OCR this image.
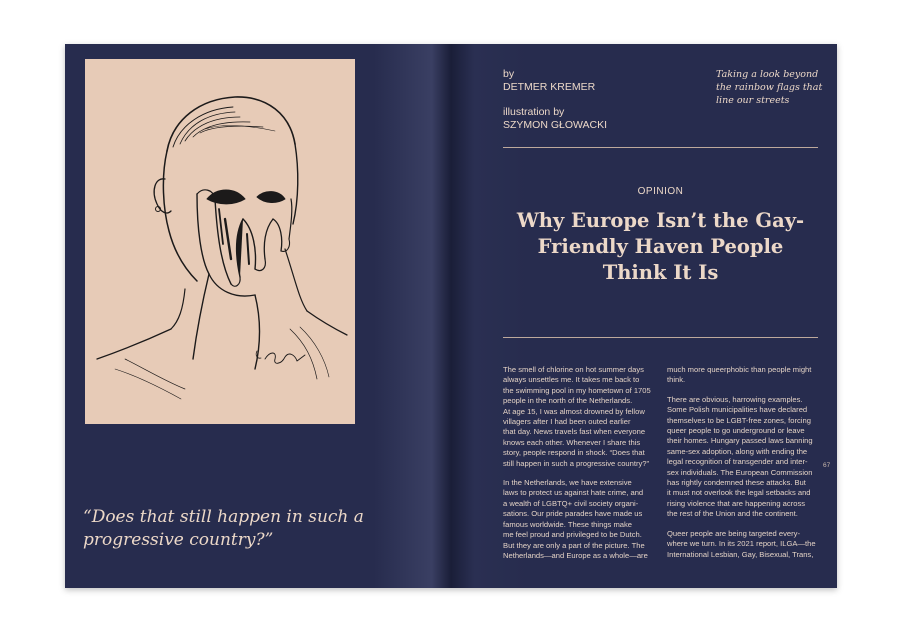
“Does that still happen in such a progressive country?”
by
DETMER KREMER
illustration by
SZYMON GŁOWACKI
Taking a look beyond the rainbow flags that line our streets
OPINION
Why Europe Isn’t the Gay-Friendly Haven People Think It Is

The smell of chlorine on hot summer days
always unsettles me. It takes me back to
the swimming pool in my hometown of 1705
people in the north of the Netherlands.
At age 15, I was almost drowned by fellow
villagers after I had been outed earlier
that day. News travels fast when everyone
knows each other. Whenever I share this
story, people respond in shock. “Does that
still happen in such a progressive country?”

In the Netherlands, we have extensive
laws to protect us against hate crime, and
a wealth of LGBTQ+ civil society organi-
sations. Our pride parades have made us
famous worldwide. These things make
me feel proud and privileged to be Dutch.
But they are only a part of the picture. The
Netherlands—and Europe as a whole—are

much more queerphobic than people might
think.

There are obvious, harrowing examples.
Some Polish municipalities have declared
themselves to be LGBT-free zones, forcing
queer people to go underground or leave
their homes. Hungary passed laws banning
same-sex adoption, along with ending the
legal recognition of transgender and inter-
sex individuals. The European Commission
has rightly condemned these attacks. But
it must not overlook the legal setbacks and
rising violence that are happening across
the rest of the Union and the continent.

Queer people are being targeted every-
where we turn. In its 2021 report, ILGA—the
International Lesbian, Gay, Bisexual, Trans,

67
